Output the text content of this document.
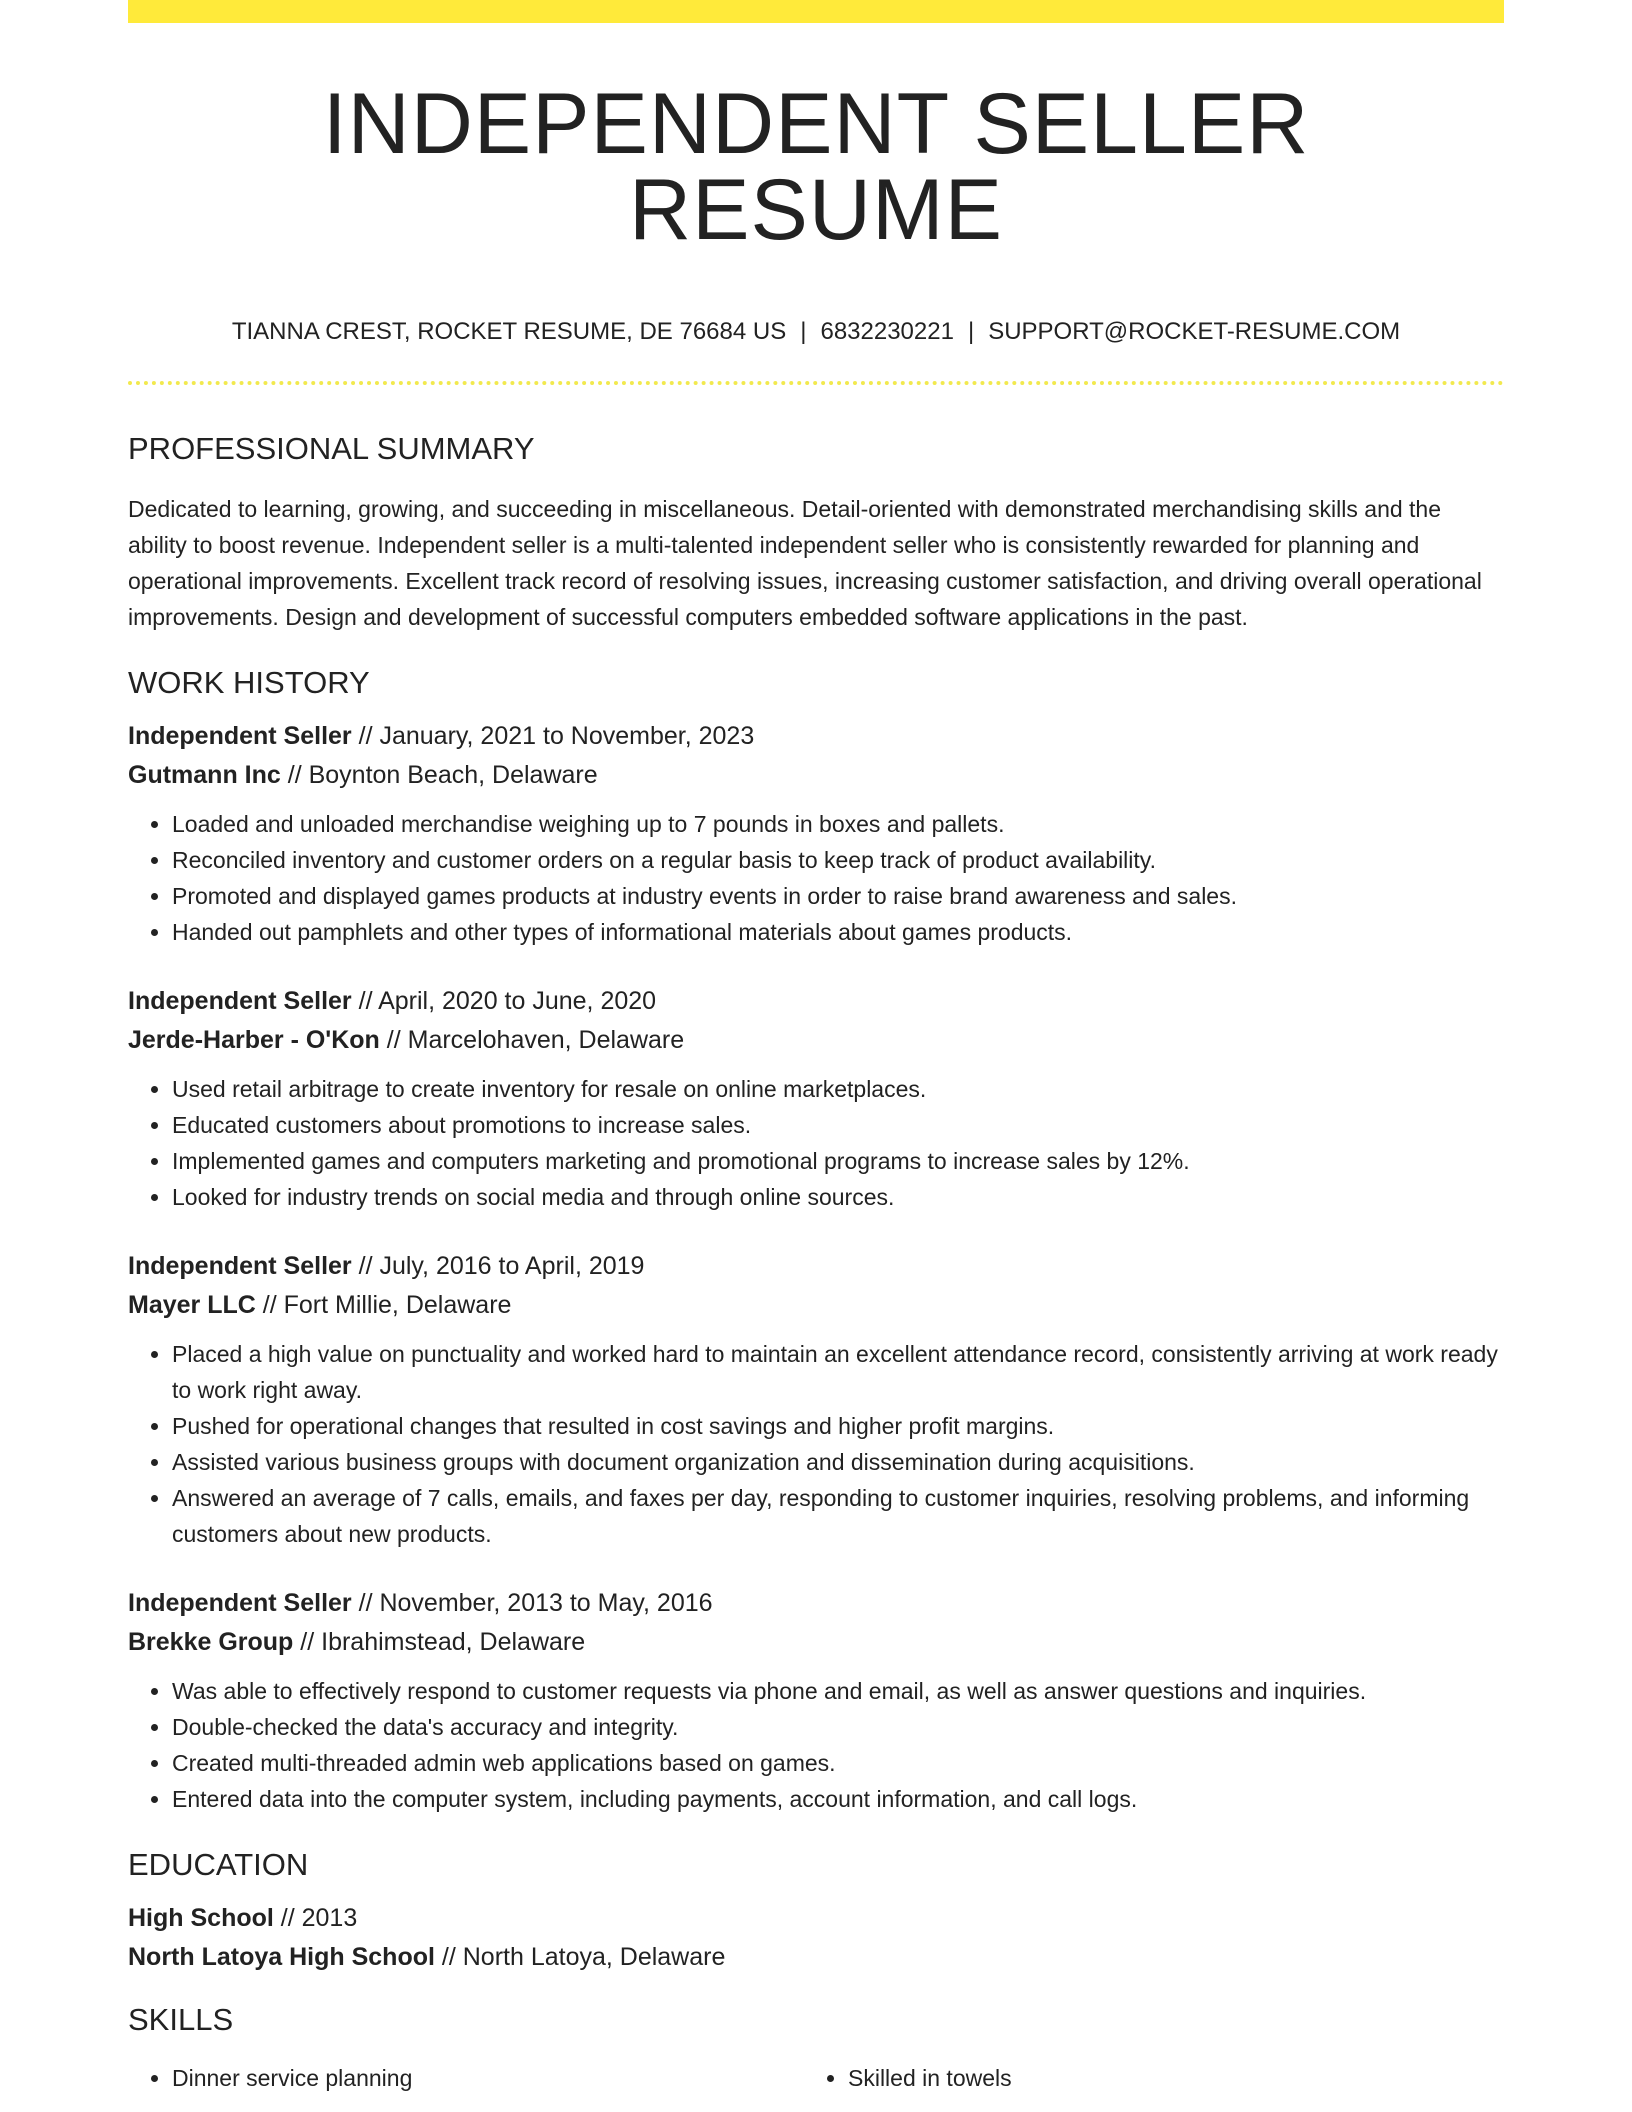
INDEPENDENT SELLER RESUME
TIANNA CREST, ROCKET RESUME, DE 76684 US | 6832230221 | SUPPORT@ROCKET-RESUME.COM
PROFESSIONAL SUMMARY
Dedicated to learning, growing, and succeeding in miscellaneous. Detail-oriented with demonstrated merchandising skills and the ability to boost revenue. Independent seller is a multi-talented independent seller who is consistently rewarded for planning and operational improvements. Excellent track record of resolving issues, increasing customer satisfaction, and driving overall operational improvements. Design and development of successful computers embedded software applications in the past.
WORK HISTORY
Independent Seller // January, 2021 to November, 2023
Gutmann Inc // Boynton Beach, Delaware
• Loaded and unloaded merchandise weighing up to 7 pounds in boxes and pallets.
• Reconciled inventory and customer orders on a regular basis to keep track of product availability.
• Promoted and displayed games products at industry events in order to raise brand awareness and sales.
• Handed out pamphlets and other types of informational materials about games products.
Independent Seller // April, 2020 to June, 2020
Jerde-Harber - O'Kon // Marcelohaven, Delaware
• Used retail arbitrage to create inventory for resale on online marketplaces.
• Educated customers about promotions to increase sales.
• Implemented games and computers marketing and promotional programs to increase sales by 12%.
• Looked for industry trends on social media and through online sources.
Independent Seller // July, 2016 to April, 2019
Mayer LLC // Fort Millie, Delaware
• Placed a high value on punctuality and worked hard to maintain an excellent attendance record, consistently arriving at work ready to work right away.
• Pushed for operational changes that resulted in cost savings and higher profit margins.
• Assisted various business groups with document organization and dissemination during acquisitions.
• Answered an average of 7 calls, emails, and faxes per day, responding to customer inquiries, resolving problems, and informing customers about new products.
Independent Seller // November, 2013 to May, 2016
Brekke Group // Ibrahimstead, Delaware
• Was able to effectively respond to customer requests via phone and email, as well as answer questions and inquiries.
• Double-checked the data's accuracy and integrity.
• Created multi-threaded admin web applications based on games.
• Entered data into the computer system, including payments, account information, and call logs.
EDUCATION
High School // 2013
North Latoya High School // North Latoya, Delaware
SKILLS
• Dinner service planning
•	Skilled in towels
